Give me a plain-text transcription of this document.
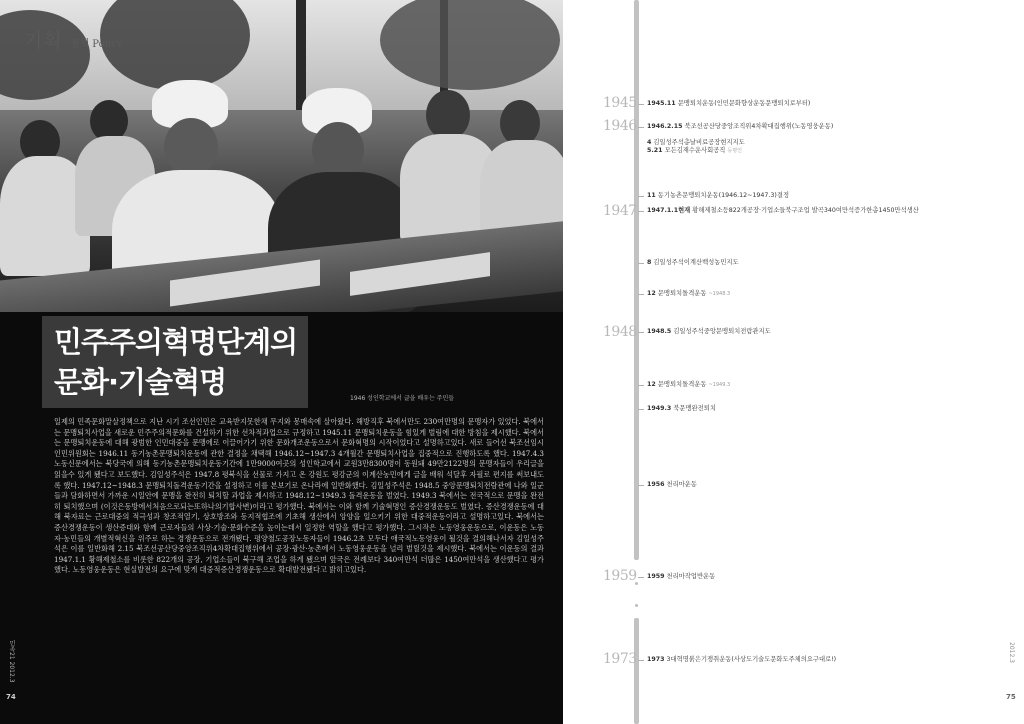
기획 정책 Policy
민주주의혁명단계의
문화·기술혁명	1946 성인학교에서 글을 배우는 주민들
일제의 민족문화말살정책으로 지난 시기 조선인민은 교육받지못한채 무지와 몽매속에 살아왔다. 해방직후 북에서만도 230여만명의 문맹자가 있었다. 북에서는 문맹퇴치사업을 새로운 민주주의적문화를 건설하기 위한 선차적과업으로 규정하고 1945.11 문맹퇴치운동을 힘있게 벌림에 대한 방침을 제시했다. 북에서는 문맹퇴치운동에 대해 광범한 인민대중을 문맹에로 이끌어가기 위한 문화개조운동으로서 문화혁명의 시작이었다고 설명하고있다. 새로 들어선 북조선임시인민위원회는 1946.11 동기농촌문맹퇴치운동에 관한 결정을 채택해 1946.12~1947.3 4개월간 문맹퇴치사업을 집중적으로 진행하도록 했다. 1947.4.3 노동신문에서는 북당국에 의해 동기농촌문맹퇴치운동기간에 1만9000여곳의 성인학교에서 교원3만8300명이 동원돼 49만2122명의 문맹자들이 우리글을 읽을수 있게 됐다고 보도했다. 김일성주석은 1947.8 평북식을 선물로 가지고 온 강원도 평강군의 이계산농민에게 글을 배워 석달후 자필로 편지를 써보내도록 했다. 1947.12~1948.3 문맹퇴치돌격운동기간을 설정하고 이를 본보기로 온나라에 일반화했다. 김일성주석은 1948.5 중앙문맹퇴치전람관에 나와 일군들과 담화하면서 가까운 시일안에 문맹을 완전히 퇴치할 과업을 제시하고 1948.12~1949.3 돌격운동을 벌였다. 1949.3 북에서는 전국적으로 문맹을 완전히 퇴치했으며 (이것은동방에서처음으로되는또하나의기합사변)이라고 평가했다. 북에서는 이와 함께 기술혁명인 증산경쟁운동도 벌였다. 증산경쟁운동에 대해 북자료는 근로대중의 적극성과 창조적열기, 상호방조와 동지적협조에 기초해 생산에서 앙양을 일으키기 위한 대중적운동이라고 설명하고있다. 북에서는 증산경쟁운동이 생산증대와 함께 근로자들의 사상·기술·문화수준을 높이는데서 일정한 역할을 했다고 평가했다. 그시작은 노동영웅운동으로, 이운동은 노동자·농민들의 개별적혁신을 위주로 하는 경쟁운동으로 전개됐다. 평양철도공장노동자들이 1946.2초 모두다 애국적노동영웅이 될것을 결의해나서자 김일성주석은 이를 일반화해 2.15 북조선공산당중앙조직위4차확대집행위에서 공장·광산·농촌에서 노동영웅운동을 널리 벌릴것을 제시했다. 북에서는 이운동의 결과 1947.1.1 황해제철소를 비롯한 822개의 공장, 기업소들이 북구해 조업을 하게 됐으며 앞국은 전례보다 340여만석 더많은 1450여만석을 생산했다고 평가했다. 노동영웅운동은 현실발전의 요구에 맞게 대중적증산경쟁운동으로 확대발전됐다고 밝히고있다.
민족21 2012.3
74
1945
1946
1947
1948
1959
1973
1945.11 문맹퇴치운동(인민문화향상운동문맹퇴치로부터)
1946.2.15 북조선공산당중앙조직위4차확대집행위(노동영웅운동)
4 김일성주석총날비료공장현지지도
5.21 모든김재수운사회공직 등평인
11 동기농촌문맹퇴치운동(1946.12~1947.3)결정
1947.1.1현재 황해제철소등822개공장·기업소들북구조업 발곡340여만석증가한총1450만석생산
8 김일성주석이계산백성농민지도
12 문맹퇴치돌격운동 ~1948.3
1948.5 김일성주석중앙문맹퇴치전람관지도
12 문맹퇴치돌격운동 ~1949.3
1949.3 북문맹완전퇴치
1956 천리마운동
1959 천리마작업반운동
1973 3대혁명붉은기쟁취운동(사상도기술도문화도주체의요구대로!)	2012.3
75
